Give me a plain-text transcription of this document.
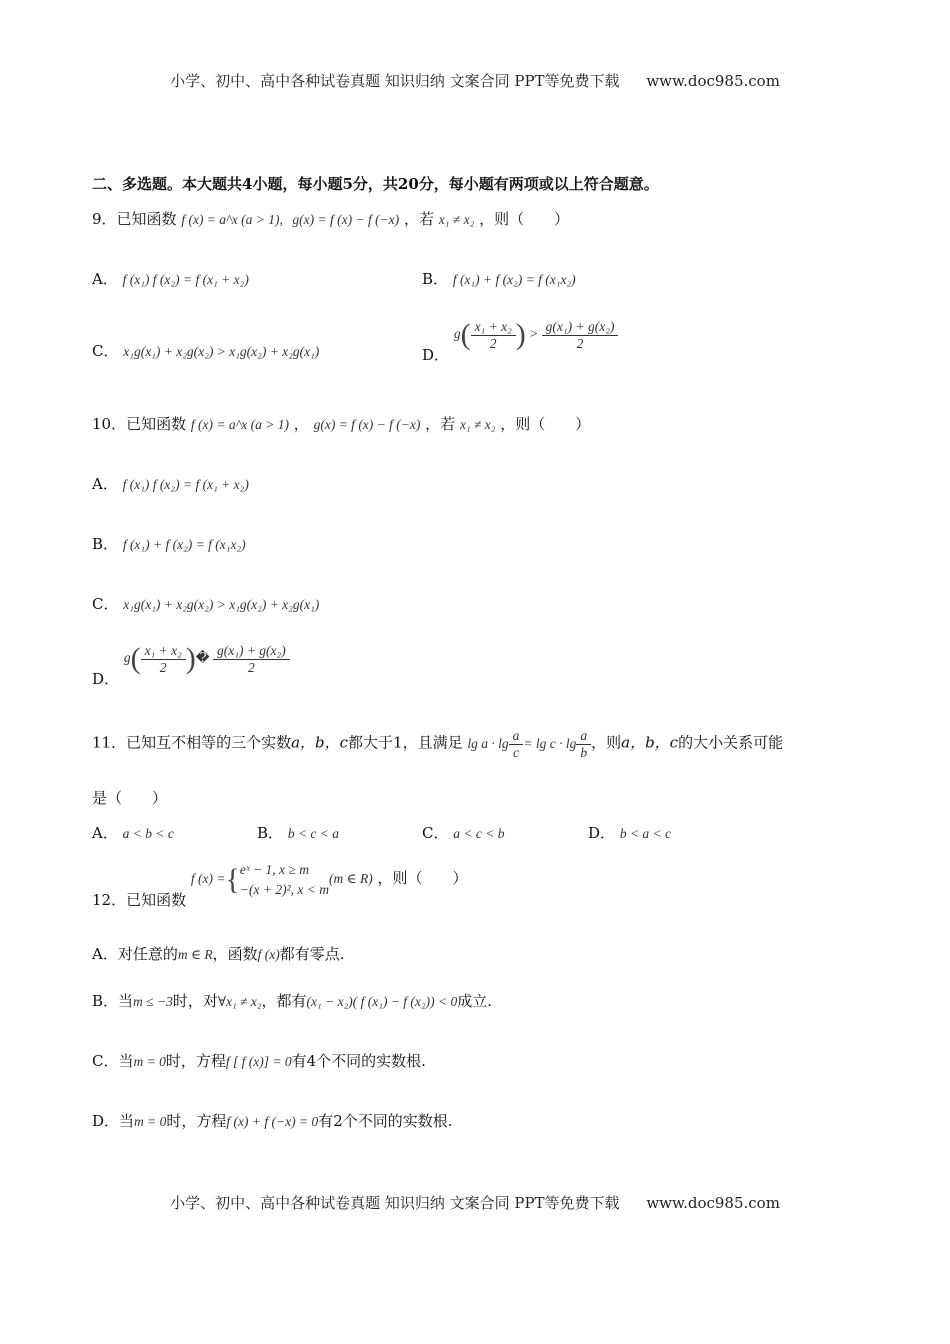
小学、初中、高中各种试卷真题 知识归纳 文案合同 PPT等免费下载 www.doc985.com
二、多选题。本大题共4小题，每小题5分，共20分，每小题有两项或以上符合题意。
9．已知函数 f (x) = a^x (a > 1), g(x) = f (x) − f (−x) ，若 x₁ ≠ x₂ ，则（　　）
A． f (x₁) f (x₂) = f (x₁ + x₂)	B． f (x₁) + f (x₂) = f (x₁x₂)
C． x₁g(x₁) + x₂g(x₂) > x₁g(x₂) + x₂g(x₁)	D． $g( \frac{\text{x₁ + x₂}}{2}$ ) > $\frac{\text{g(x₁) + g(x₂)}}{2}$
10．已知函数 f (x) = a^x (a > 1) ， g(x) = f (x) − f (−x) ，若 x₁ ≠ x₂ ，则（　　）
A． f (x₁) f (x₂) = f (x₁ + x₂)
B． f (x₁) + f (x₂) = f (x₁x₂)
C． x₁g(x₁) + x₂g(x₂) > x₁g(x₂) + x₂g(x₁)
D． $g( \frac{\text{x₁ + x₂}}{2}$ )� $\frac{\text{g(x₁) + g(x₂)}}{2}$
11．已知互不相等的三个实数a，b，c都大于1，且满足 $\lg a \cdot \lg \frac{a}{c} = \lg c \cdot \lg \frac{a}{b}$ ，则a，b，c的大小关系可能
是（　　）
A． a < b < c	B． b < c < a	C． a < c < b	D． b < a < c
12．已知函数 f (x) ={ eˣ − 1, x ≥ m
−(x + 2)², x < m
(m ∈ R) ，则（　　）
A．对任意的m ∈ R，函数f (x)都有零点.
B．当m ≤ −3时，对∀x₁ ≠ x₂，都有(x₁ − x₂)( f (x₁) − f (x₂)) < 0成立.
C．当m = 0时，方程f [ f (x)] = 0有4个不同的实数根.
D．当m = 0时，方程f (x) + f (−x) = 0有2个不同的实数根.
小学、初中、高中各种试卷真题 知识归纳 文案合同 PPT等免费下载 www.doc985.com
